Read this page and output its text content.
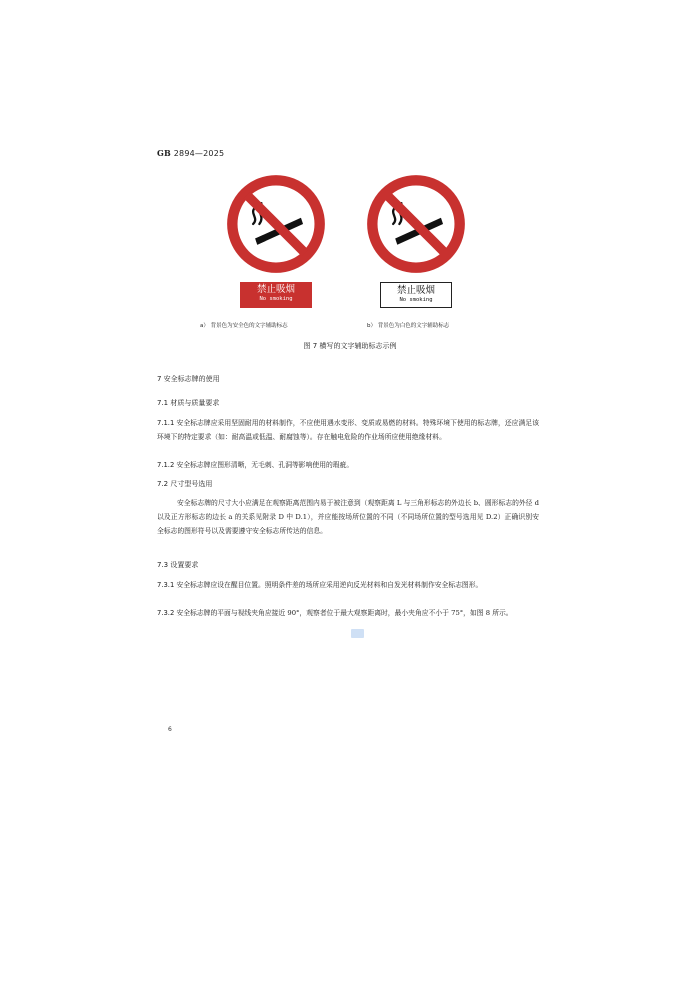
GB 2894—2025
禁止吸烟
No smoking
禁止吸烟
No smoking
a） 背景色为安全色的文字辅助标志	b） 背景色为白色的文字辅助标志
图 7 横写的文字辅助标志示例
7 安全标志牌的使用
7.1 材质与质量要求
7.1.1 安全标志牌应采用坚固耐用的材料制作，不应使用遇水变形、变质或易燃的材料。特殊环境下使用的标志牌，还应满足该环境下的特定要求（如：耐高温或低温、耐腐蚀等）。存在触电危险的作业场所应使用绝缘材料。
7.1.2 安全标志牌应图形清晰，无毛刺、孔洞等影响使用的瑕疵。
7.2 尺寸型号选用
安全标志牌的尺寸大小应满足在观察距离范围内易于被注意到（观察距离 L 与三角形标志的外边长 b、圆形标志的外径 d 以及正方形标志的边长 a 的关系见附录 D 中 D.1），并应能按场所位置的不同（不同场所位置的型号选用见 D.2）正确识别安全标志的图形符号以及需要遵守安全标志所传达的信息。
7.3 设置要求
7.3.1 安全标志牌应设在醒目位置。照明条件差的场所应采用逆向反光材料和自发光材料制作安全标志图形。
7.3.2 安全标志牌的平面与视线夹角应接近 90°，观察者位于最大观察距离时，最小夹角应不小于 75°，如图 8 所示。
6
